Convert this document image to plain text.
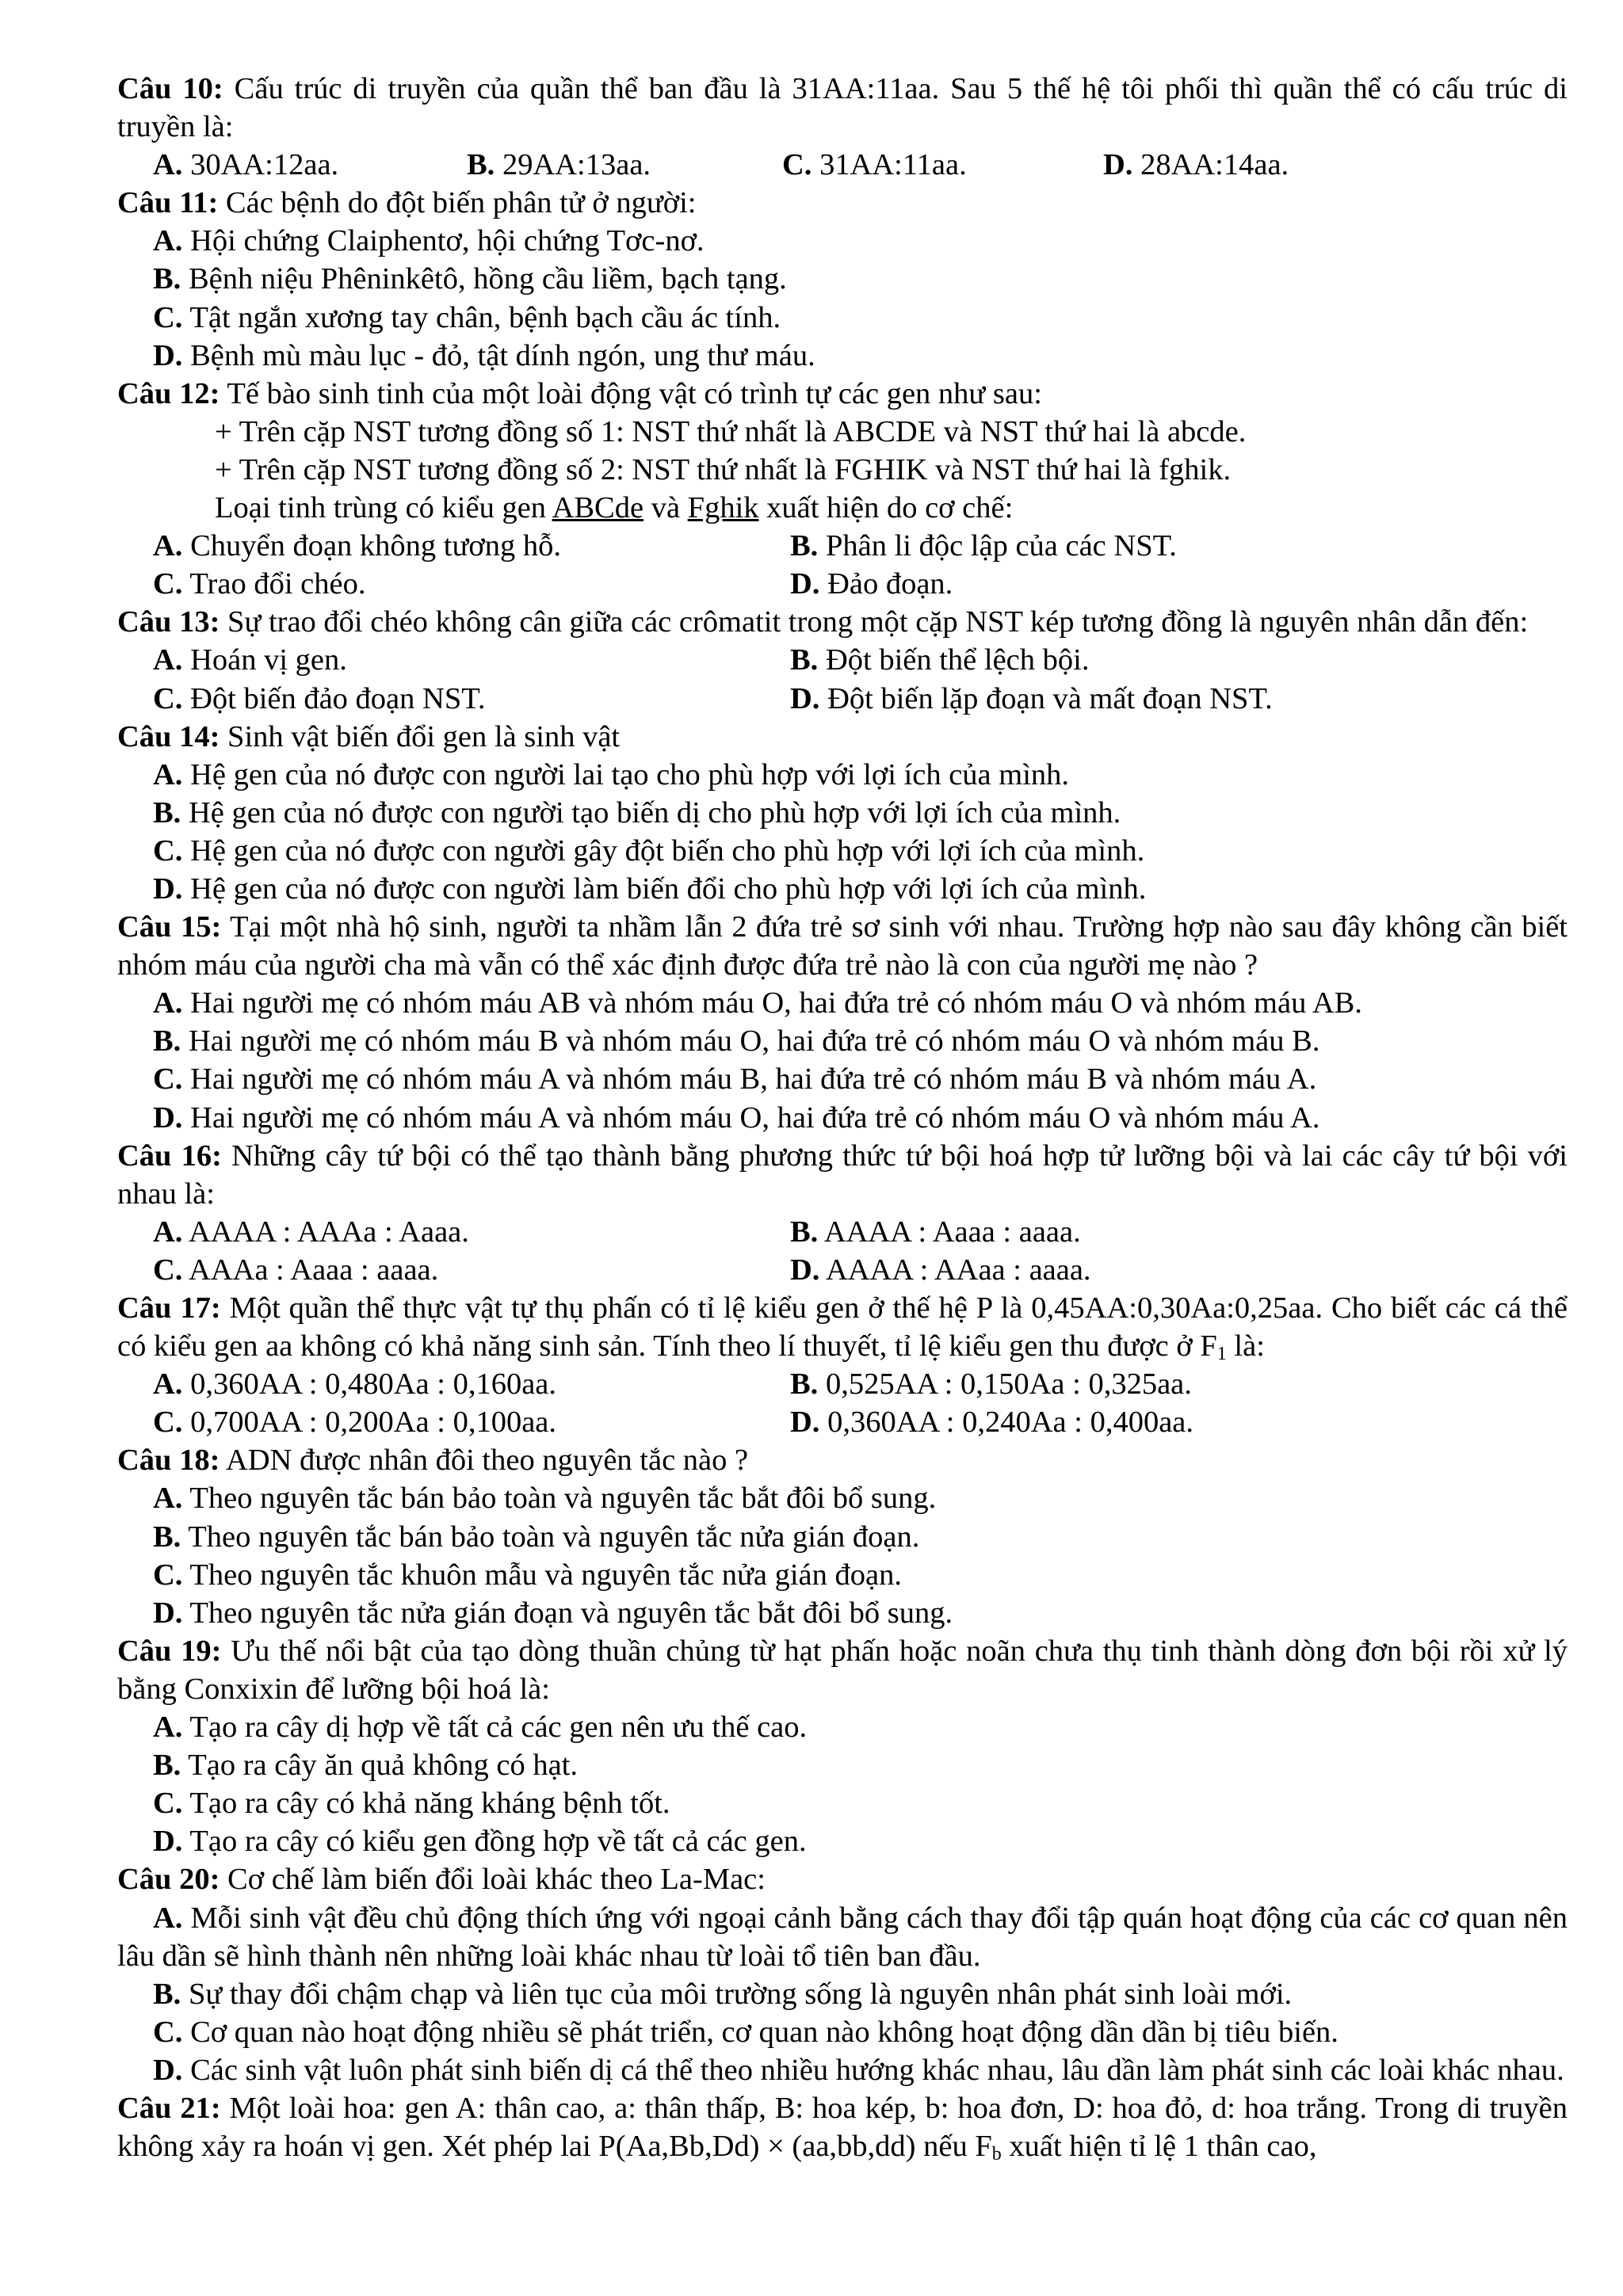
Câu 10: Cấu trúc di truyền của quần thể ban đầu là 31AA:11aa. Sau 5 thế hệ tôi phối thì quần thể có cấu trúc di truyền là:
A. 30AA:12aa.	B. 29AA:13aa.	C. 31AA:11aa.	D. 28AA:14aa.
Câu 11: Các bệnh do đột biến phân tử ở người:
A. Hội chứng Claiphentơ, hội chứng Tơc-nơ.
B. Bệnh niệu Phêninkêtô, hồng cầu liềm, bạch tạng.
C. Tật ngắn xương tay chân, bệnh bạch cầu ác tính.
D. Bệnh mù màu lục - đỏ, tật dính ngón, ung thư máu.
Câu 12: Tế bào sinh tinh của một loài động vật có trình tự các gen như sau:
+ Trên cặp NST tương đồng số 1: NST thứ nhất là ABCDE và NST thứ hai là abcde.
+ Trên cặp NST tương đồng số 2: NST thứ nhất là FGHIK và NST thứ hai là fghik.
Loại tinh trùng có kiểu gen ABCde và Fghik xuất hiện do cơ chế:
A. Chuyển đoạn không tương hỗ.	B. Phân li độc lập của các NST.
C. Trao đổi chéo.	D. Đảo đoạn.
Câu 13: Sự trao đổi chéo không cân giữa các crômatit trong một cặp NST kép tương đồng là nguyên nhân dẫn đến:
A. Hoán vị gen.	B. Đột biến thể lệch bội.
C. Đột biến đảo đoạn NST.	D. Đột biến lặp đoạn và mất đoạn NST.
Câu 14: Sinh vật biến đổi gen là sinh vật
A. Hệ gen của nó được con người lai tạo cho phù hợp với lợi ích của mình.
B. Hệ gen của nó được con người tạo biến dị cho phù hợp với lợi ích của mình.
C. Hệ gen của nó được con người gây đột biến cho phù hợp với lợi ích của mình.
D. Hệ gen của nó được con người làm biến đổi cho phù hợp với lợi ích của mình.
Câu 15: Tại một nhà hộ sinh, người ta nhầm lẫn 2 đứa trẻ sơ sinh với nhau. Trường hợp nào sau đây không cần biết nhóm máu của người cha mà vẫn có thể xác định được đứa trẻ nào là con của người mẹ nào ?
A. Hai người mẹ có nhóm máu AB và nhóm máu O, hai đứa trẻ có nhóm máu O và nhóm máu AB.
B. Hai người mẹ có nhóm máu B và nhóm máu O, hai đứa trẻ có nhóm máu O và nhóm máu B.
C. Hai người mẹ có nhóm máu A và nhóm máu B, hai đứa trẻ có nhóm máu B và nhóm máu A.
D. Hai người mẹ có nhóm máu A và nhóm máu O, hai đứa trẻ có nhóm máu O và nhóm máu A.
Câu 16: Những cây tứ bội có thể tạo thành bằng phương thức tứ bội hoá hợp tử lưỡng bội và lai các cây tứ bội với nhau là:
A. AAAA : AAAa : Aaaa.	B. AAAA : Aaaa : aaaa.
C. AAAa : Aaaa : aaaa.	D. AAAA : AAaa : aaaa.
Câu 17: Một quần thể thực vật tự thụ phấn có tỉ lệ kiểu gen ở thế hệ P là 0,45AA:0,30Aa:0,25aa. Cho biết các cá thể có kiểu gen aa không có khả năng sinh sản. Tính theo lí thuyết, tỉ lệ kiểu gen thu được ở $F_1$ là:
A. 0,360AA : 0,480Aa : 0,160aa.	B. 0,525AA : 0,150Aa : 0,325aa.
C. 0,700AA : 0,200Aa : 0,100aa.	D. 0,360AA : 0,240Aa : 0,400aa.
Câu 18: ADN được nhân đôi theo nguyên tắc nào ?
A. Theo nguyên tắc bán bảo toàn và nguyên tắc bắt đôi bổ sung.
B. Theo nguyên tắc bán bảo toàn và nguyên tắc nửa gián đoạn.
C. Theo nguyên tắc khuôn mẫu và nguyên tắc nửa gián đoạn.
D. Theo nguyên tắc nửa gián đoạn và nguyên tắc bắt đôi bổ sung.
Câu 19: Ưu thế nổi bật của tạo dòng thuần chủng từ hạt phấn hoặc noãn chưa thụ tinh thành dòng đơn bội rồi xử lý bằng Conxixin để lưỡng bội hoá là:
A. Tạo ra cây dị hợp về tất cả các gen nên ưu thế cao.
B. Tạo ra cây ăn quả không có hạt.
C. Tạo ra cây có khả năng kháng bệnh tốt.
D. Tạo ra cây có kiểu gen đồng hợp về tất cả các gen.
Câu 20: Cơ chế làm biến đổi loài khác theo La-Mac:
A. Mỗi sinh vật đều chủ động thích ứng với ngoại cảnh bằng cách thay đổi tập quán hoạt động của các cơ quan nên lâu dần sẽ hình thành nên những loài khác nhau từ loài tổ tiên ban đầu.
B. Sự thay đổi chậm chạp và liên tục của môi trường sống là nguyên nhân phát sinh loài mới.
C. Cơ quan nào hoạt động nhiều sẽ phát triển, cơ quan nào không hoạt động dần dần bị tiêu biến.
D. Các sinh vật luôn phát sinh biến dị cá thể theo nhiều hướng khác nhau, lâu dần làm phát sinh các loài khác nhau.
Câu 21: Một loài hoa: gen A: thân cao, a: thân thấp, B: hoa kép, b: hoa đơn, D: hoa đỏ, d: hoa trắng. Trong di truyền không xảy ra hoán vị gen. Xét phép lai P(Aa,Bb,Dd) × (aa,bb,dd) nếu $F_b$ xuất hiện tỉ lệ 1 thân cao,
